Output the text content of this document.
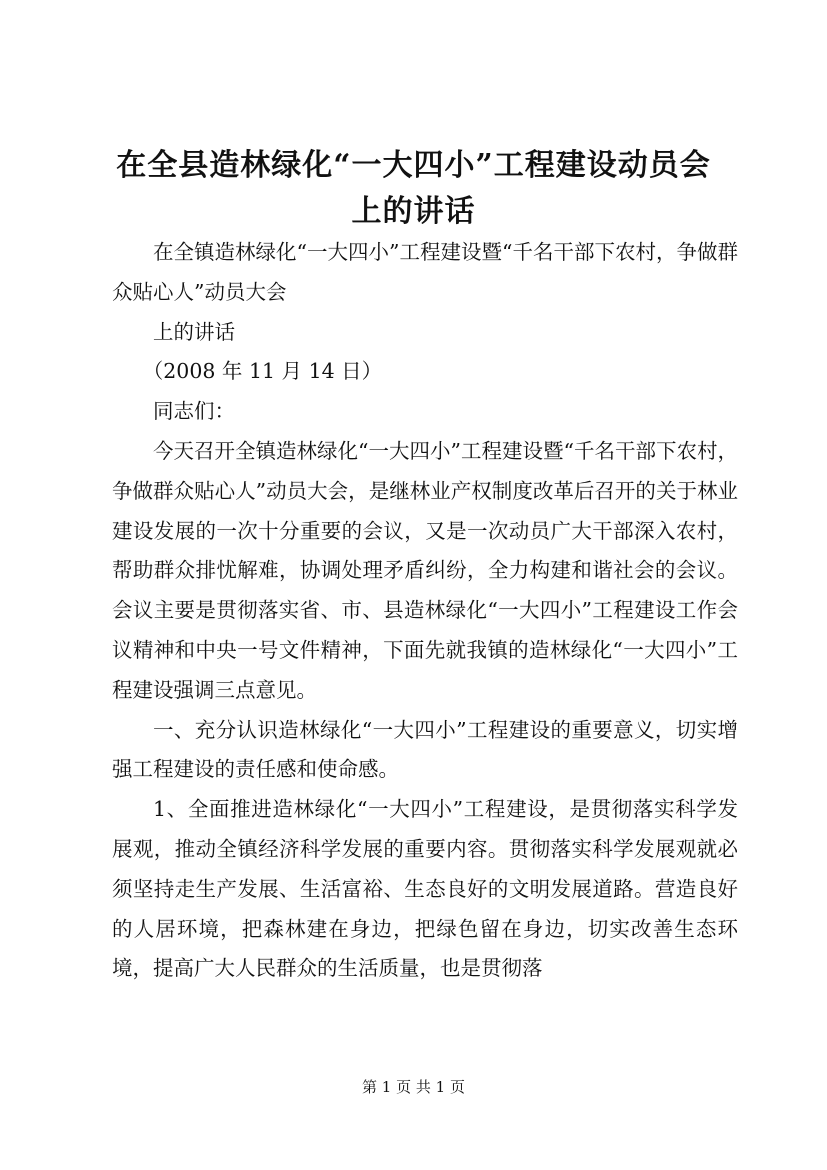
在全县造林绿化“一大四小”工程建设动员会
上的讲话

在全镇造林绿化“一大四小”工程建设暨“千名干部下农村，争做群众贴心人”动员大会

上的讲话

（2008 年 11 月 14 日）

同志们：

今天召开全镇造林绿化“一大四小”工程建设暨“千名干部下农村，争做群众贴心人”动员大会，是继林业产权制度改革后召开的关于林业建设发展的一次十分重要的会议，又是一次动员广大干部深入农村，帮助群众排忧解难，协调处理矛盾纠纷，全力构建和谐社会的会议。会议主要是贯彻落实省、市、县造林绿化“一大四小”工程建设工作会议精神和中央一号文件精神，下面先就我镇的造林绿化“一大四小”工程建设强调三点意见。

一、充分认识造林绿化“一大四小”工程建设的重要意义，切实增强工程建设的责任感和使命感。

1、全面推进造林绿化“一大四小”工程建设，是贯彻落实科学发展观，推动全镇经济科学发展的重要内容。贯彻落实科学发展观就必须坚持走生产发展、生活富裕、生态良好的文明发展道路。营造良好的人居环境，把森林建在身边，把绿色留在身边，切实改善生态环境，提高广大人民群众的生活质量，也是贯彻落

第 1 页 共 1 页
